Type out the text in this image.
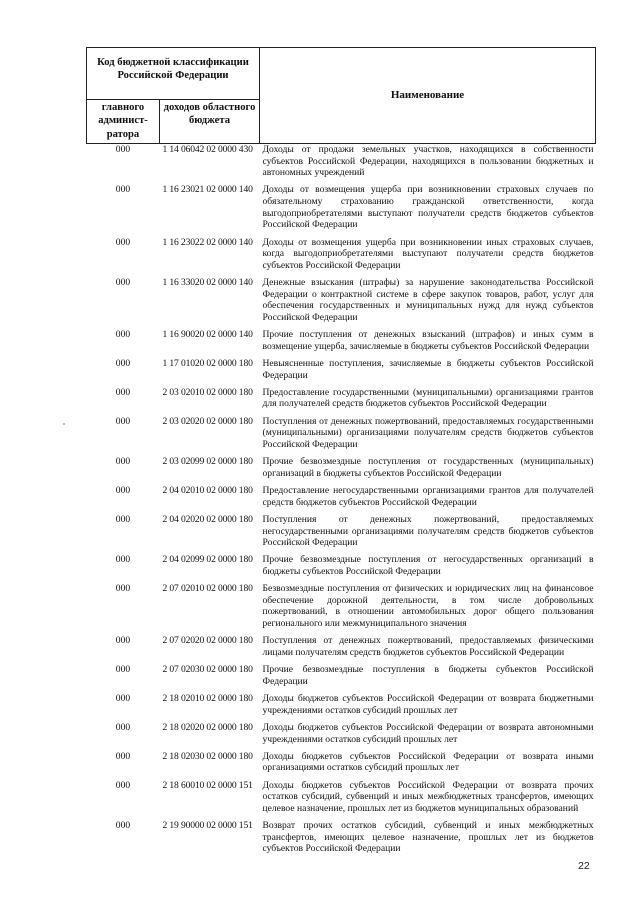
Код бюджетной классификации Российской Федерации		Наименование
главного админист-ратора	доходов областного бюджета	
000	1 14 06042 02 0000 430	Доходы от продажи земельных участков, находящихся в собственности субъектов Российской Федерации, находящихся в пользовании бюджетных и автономных учреждений
000	1 16 23021 02 0000 140	Доходы от возмещения ущерба при возникновении страховых случаев по обязательному страхованию гражданской ответственности, когда выгодоприобретателями выступают получатели средств бюджетов субъектов Российской Федерации
000	1 16 23022 02 0000 140	Доходы от возмещения ущерба при возникновении иных страховых случаев, когда выгодоприобретателями выступают получатели средств бюджетов субъектов Российской Федерации
000	1 16 33020 02 0000 140	Денежные взыскания (штрафы) за нарушение законодательства Российской Федерации о контрактной системе в сфере закупок товаров, работ, услуг для обеспечения государственных и муниципальных нужд для нужд субъектов Российской Федерации
000	1 16 90020 02 0000 140	Прочие поступления от денежных взысканий (штрафов) и иных сумм в возмещение ущерба, зачисляемые в бюджеты субъектов Российской Федерации
000	1 17 01020 02 0000 180	Невыясненные поступления, зачисляемые в бюджеты субъектов Российской Федерации
000	2 03 02010 02 0000 180	Предоставление государственными (муниципальными) организациями грантов для получателей средств бюджетов субъектов Российской Федерации
000	2 03 02020 02 0000 180	Поступления от денежных пожертвований, предоставляемых государственными (муниципальными) организациями получателям средств бюджетов субъектов Российской Федерации
000	2 03 02099 02 0000 180	Прочие безвозмездные поступления от государственных (муниципальных) организаций в бюджеты субъектов Российской Федерации
000	2 04 02010 02 0000 180	Предоставление негосударственными организациями грантов для получателей средств бюджетов субъектов Российской Федерации
000	2 04 02020 02 0000 180	Поступления от денежных пожертвований, предоставляемых негосударственными организациями получателям средств бюджетов субъектов Российской Федерации
000	2 04 02099 02 0000 180	Прочие безвозмездные поступления от негосударственных организаций в бюджеты субъектов Российской Федерации
000	2 07 02010 02 0000 180	Безвозмездные поступления от физических и юридических лиц на финансовое обеспечение дорожной деятельности, в том числе добровольных пожертвований, в отношении автомобильных дорог общего пользования регионального или межмуниципального значения
000	2 07 02020 02 0000 180	Поступления от денежных пожертвований, предоставляемых физическими лицами получателям средств бюджетов субъектов Российской Федерации
000	2 07 02030 02 0000 180	Прочие безвозмездные поступления в бюджеты субъектов Российской Федерации
000	2 18 02010 02 0000 180	Доходы бюджетов субъектов Российской Федерации от возврата бюджетными учреждениями остатков субсидий прошлых лет
000	2 18 02020 02 0000 180	Доходы бюджетов субъектов Российской Федерации от возврата автономными учреждениями остатков субсидий прошлых лет
000	2 18 02030 02 0000 180	Доходы бюджетов субъектов Российской Федерации от возврата иными организациями остатков субсидий прошлых лет
000	2 18 60010 02 0000 151	Доходы бюджетов субъектов Российской Федерации от возврата прочих остатков субсидий, субвенций и иных межбюджетных трансфертов, имеющих целевое назначение, прошлых лет из бюджетов муниципальных образований
000	2 19 90000 02 0000 151	Возврат прочих остатков субсидий, субвенций и иных межбюджетных трансфертов, имеющих целевое назначение, прошлых лет из бюджетов субъектов Российской Федерации
22
